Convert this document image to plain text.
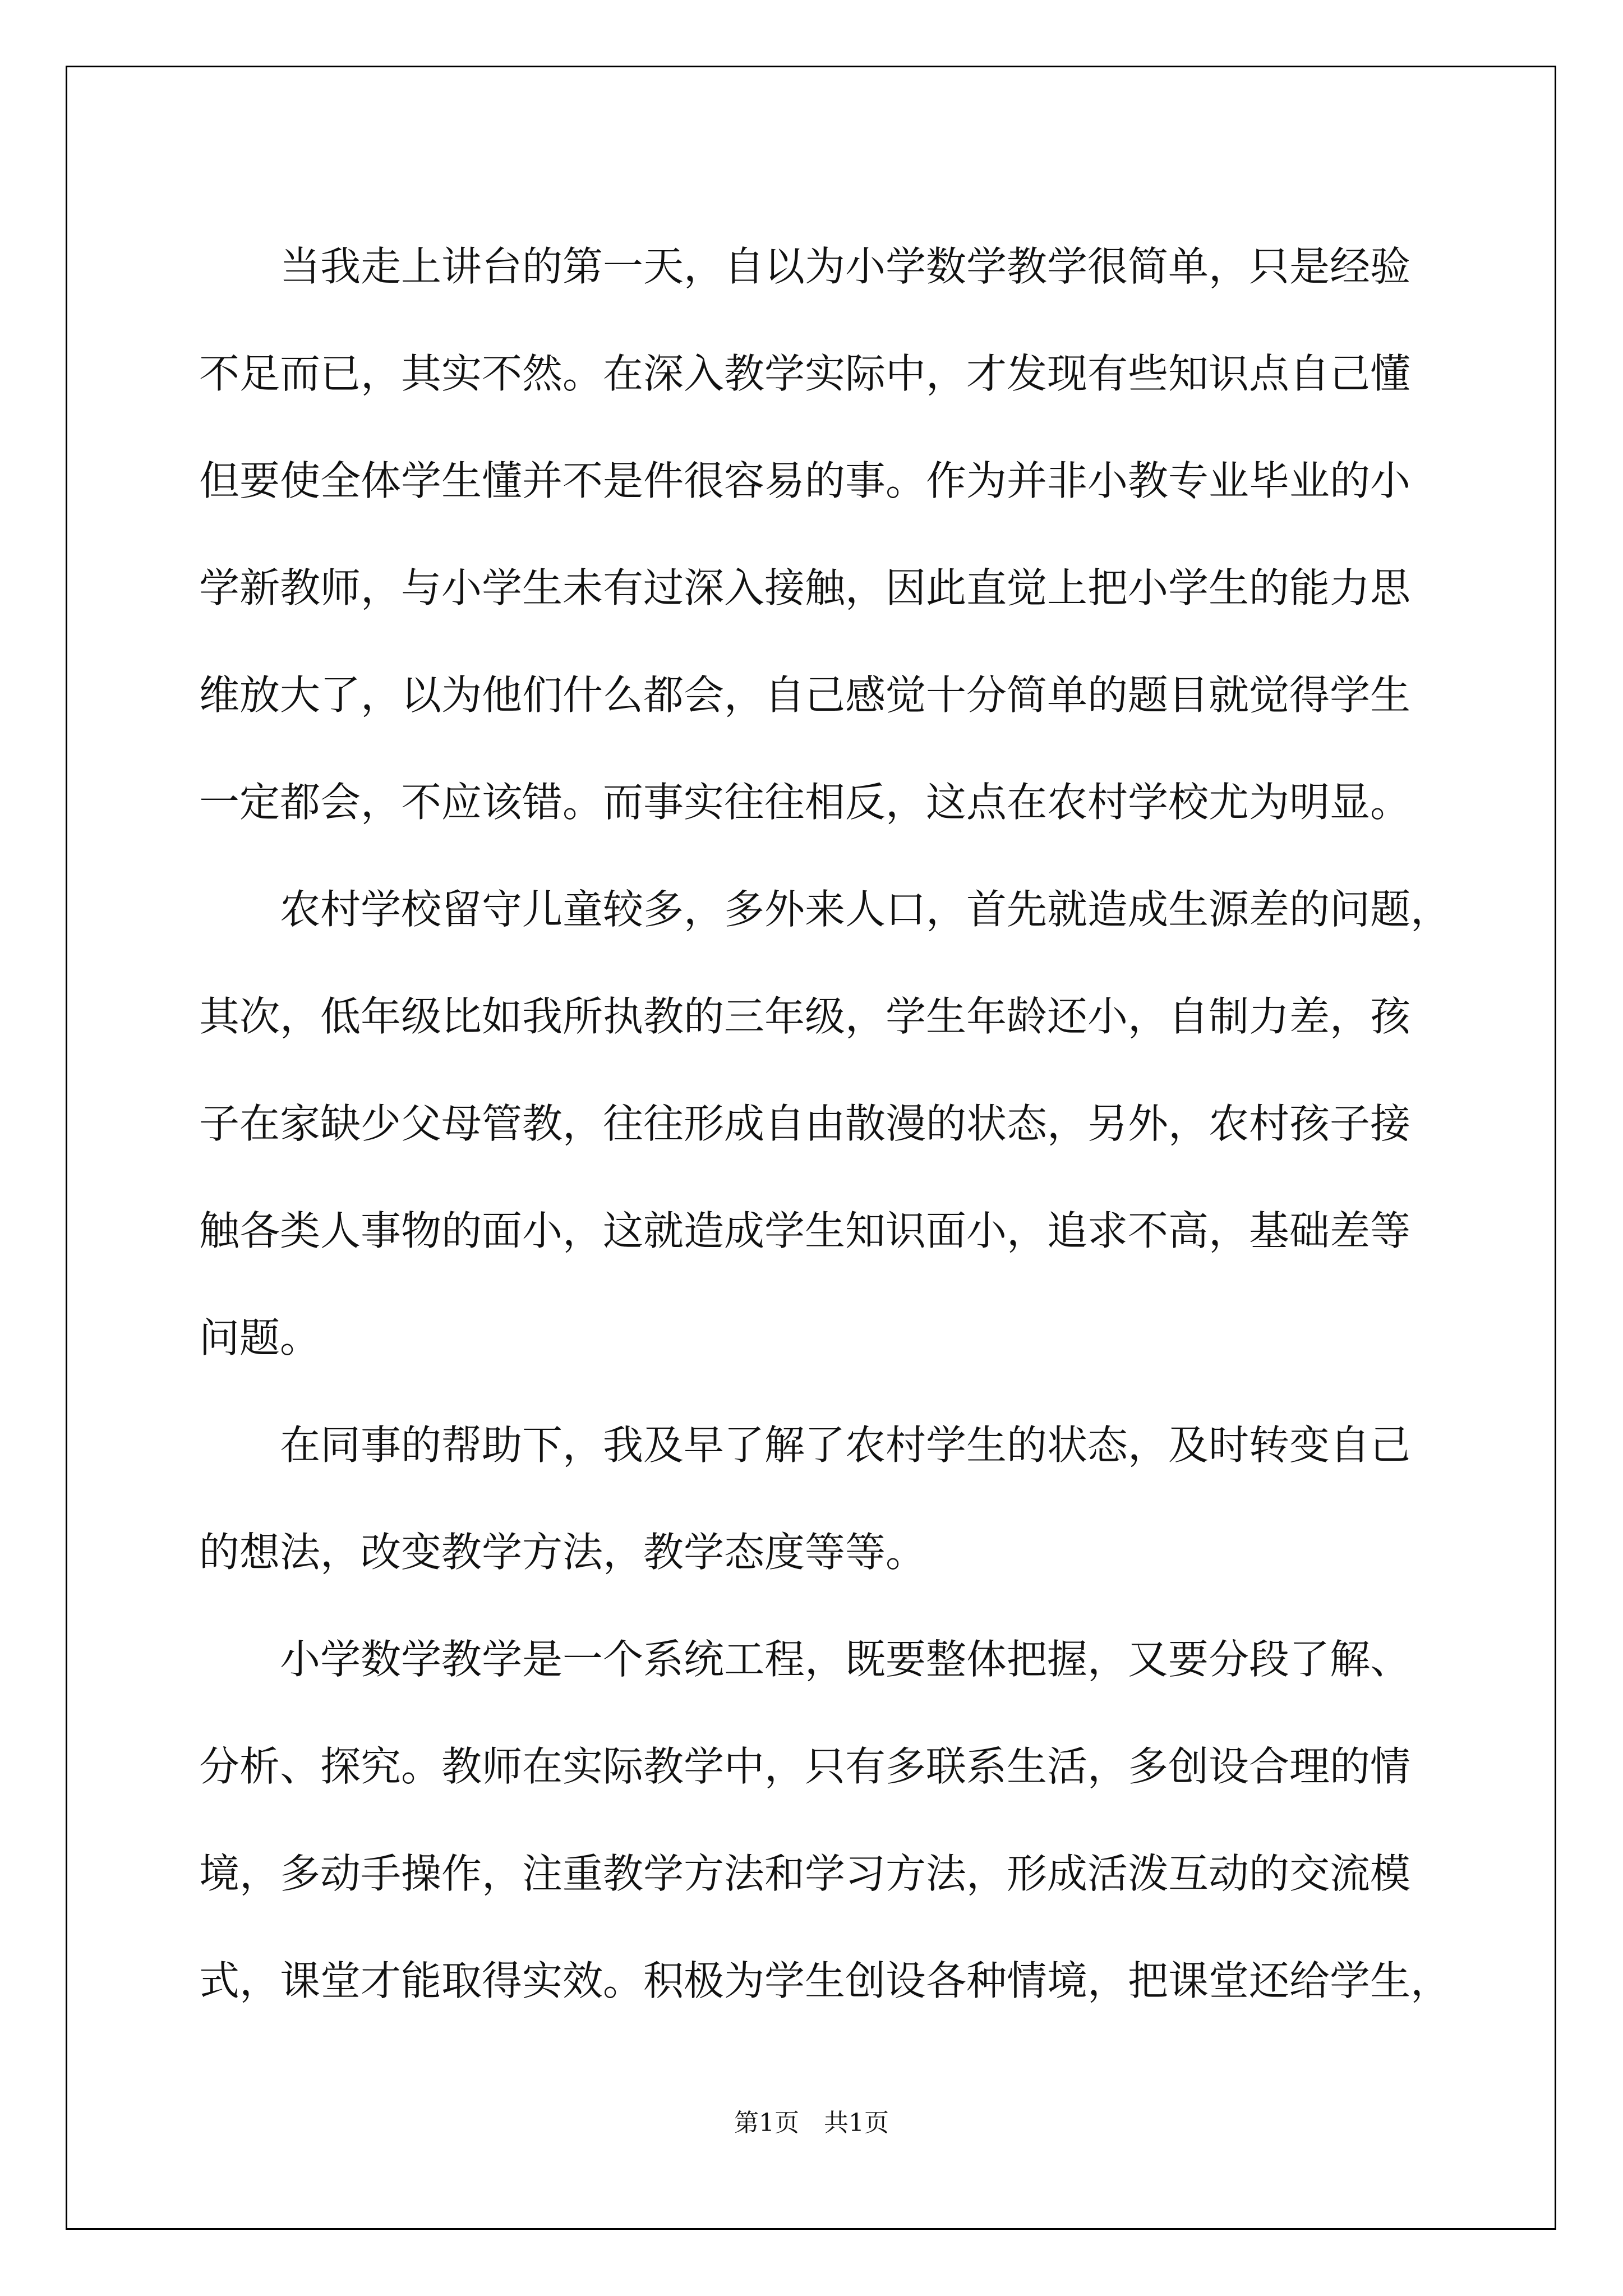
当我走上讲台的第一天，自以为小学数学教学很简单，只是经验
不足而已，其实不然。在深入教学实际中，才发现有些知识点自己懂
但要使全体学生懂并不是件很容易的事。作为并非小教专业毕业的小
学新教师，与小学生未有过深入接触，因此直觉上把小学生的能力思
维放大了，以为他们什么都会，自己感觉十分简单的题目就觉得学生
一定都会，不应该错。而事实往往相反，这点在农村学校尤为明显。
农村学校留守儿童较多，多外来人口，首先就造成生源差的问题，
其次，低年级比如我所执教的三年级，学生年龄还小，自制力差，孩
子在家缺少父母管教，往往形成自由散漫的状态，另外，农村孩子接
触各类人事物的面小，这就造成学生知识面小，追求不高，基础差等
问题。
在同事的帮助下，我及早了解了农村学生的状态，及时转变自己
的想法，改变教学方法，教学态度等等。
小学数学教学是一个系统工程，既要整体把握，又要分段了解、
分析、探究。教师在实际教学中，只有多联系生活，多创设合理的情
境，多动手操作，注重教学方法和学习方法，形成活泼互动的交流模
式，课堂才能取得实效。积极为学生创设各种情境，把课堂还给学生，
第1页 共1页
